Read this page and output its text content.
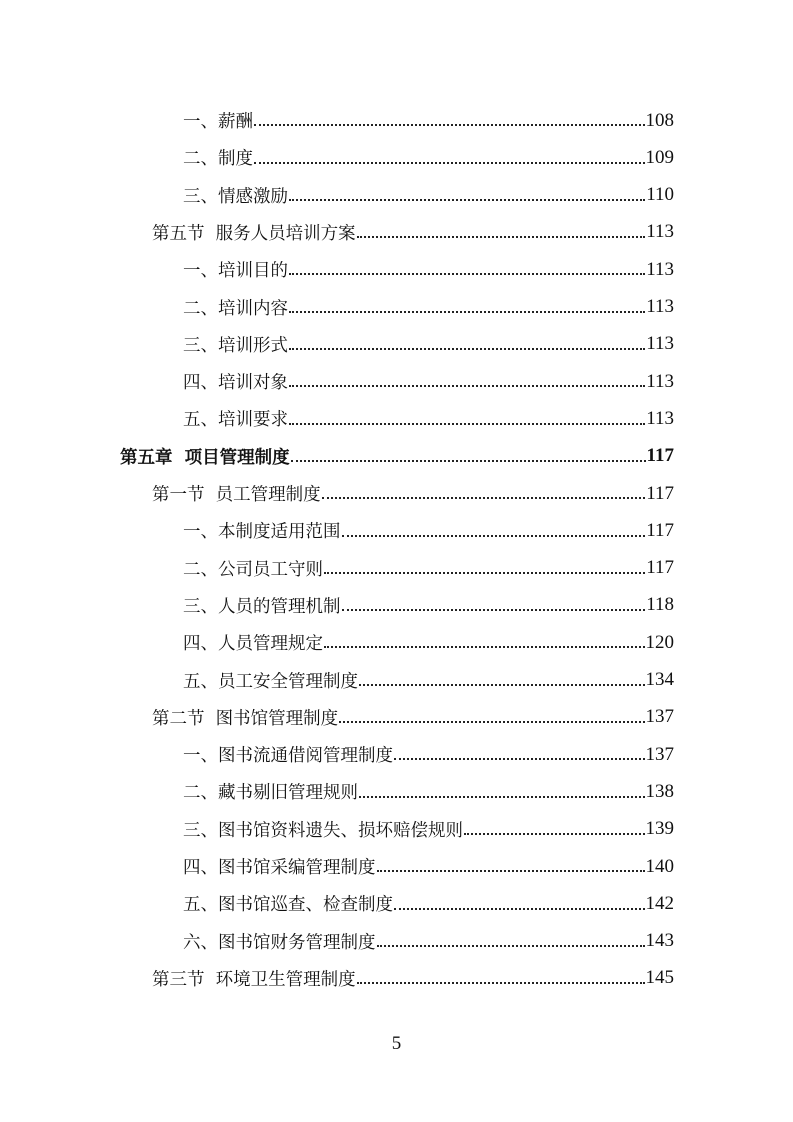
一、薪酬	108
二、制度	109
三、情感激励	110
第五节  服务人员培训方案	113
一、培训目的	113
二、培训内容	113
三、培训形式	113
四、培训对象	113
五、培训要求	113
第五章  项目管理制度	117
第一节  员工管理制度	117
一、本制度适用范围	117
二、公司员工守则	117
三、人员的管理机制	118
四、人员管理规定	120
五、员工安全管理制度	134
第二节  图书馆管理制度	137
一、图书流通借阅管理制度	137
二、藏书剔旧管理规则	138
三、图书馆资料遗失、损坏赔偿规则	139
四、图书馆采编管理制度	140
五、图书馆巡查、检查制度	142
六、图书馆财务管理制度	143
第三节  环境卫生管理制度	145
5
